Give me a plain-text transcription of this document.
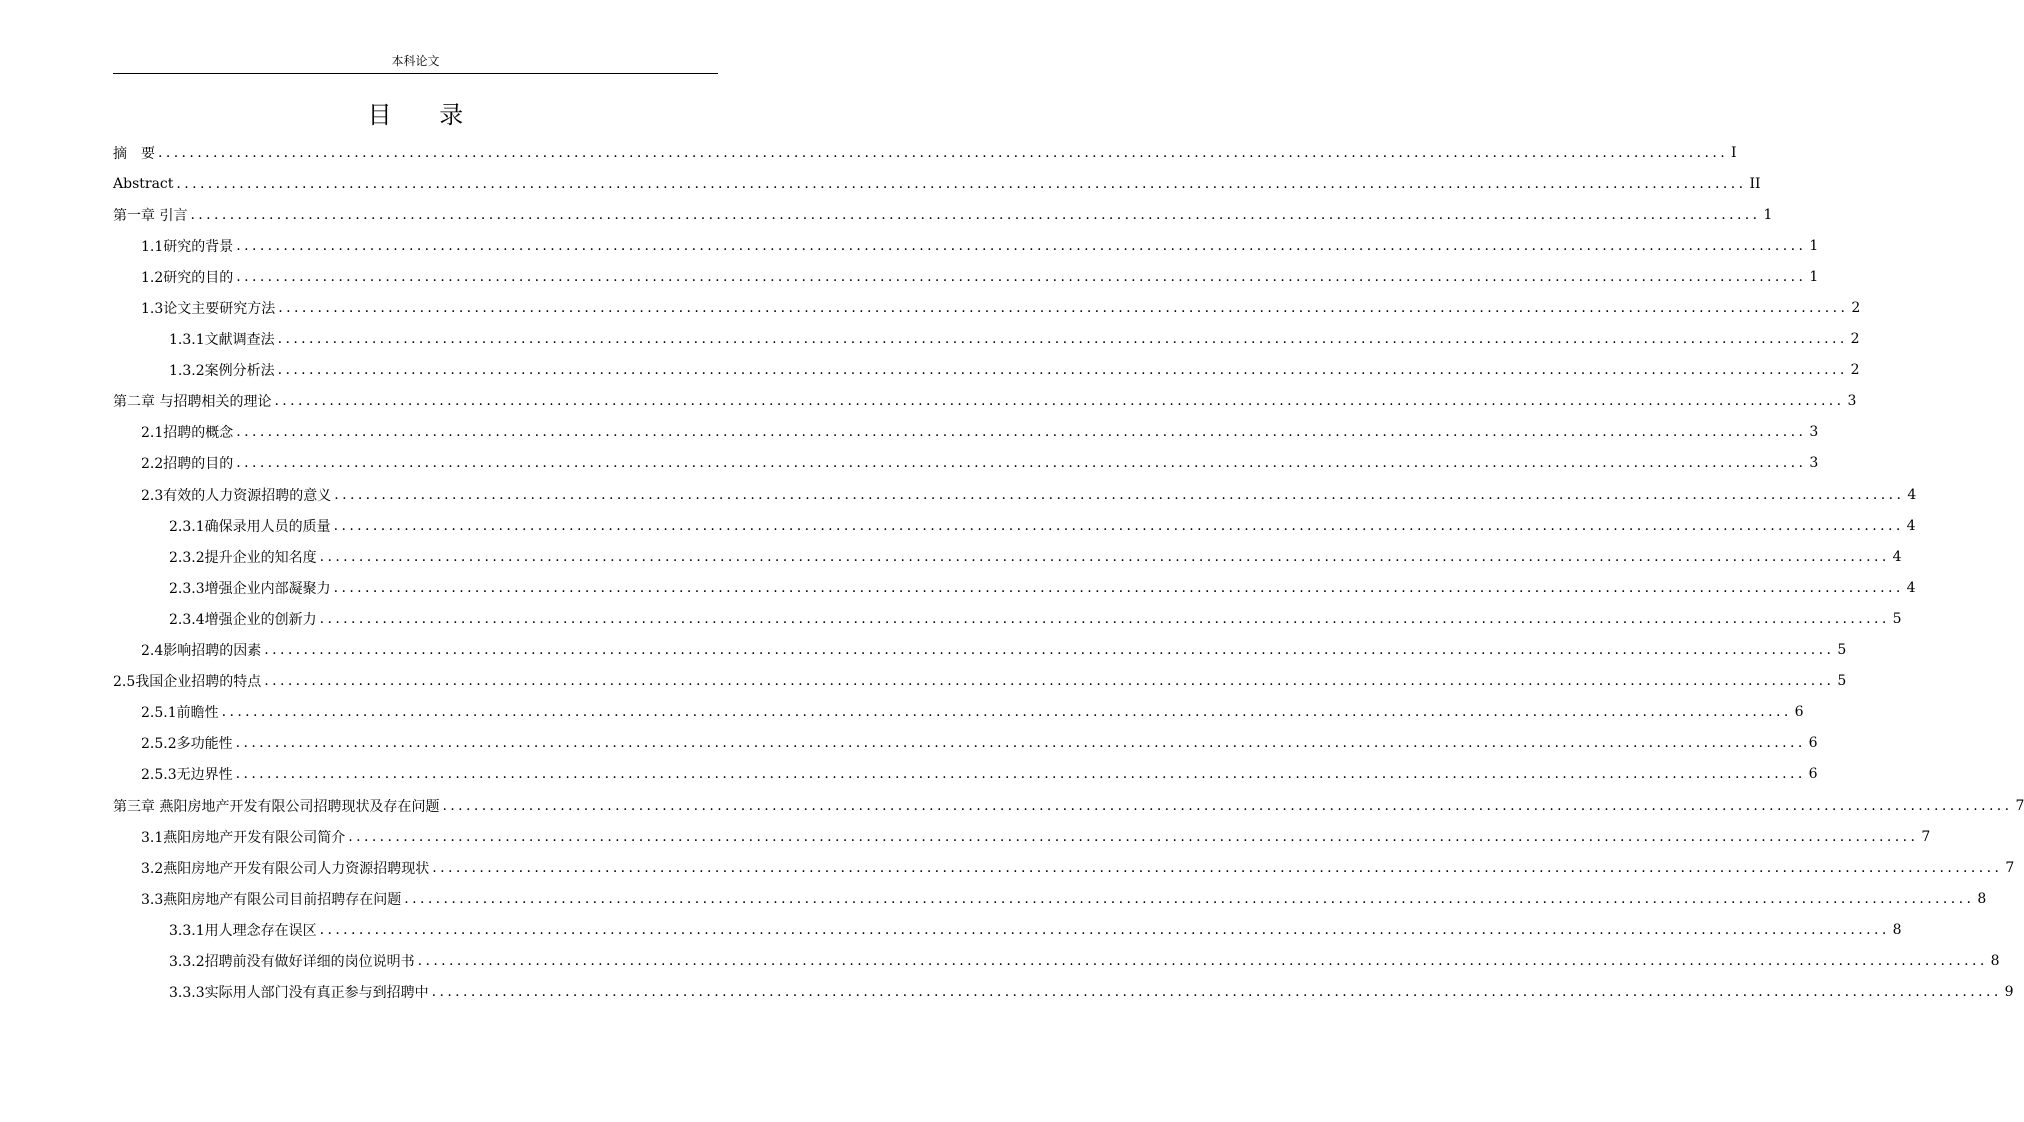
本科论文
目 录
摘　要 ........................................................................................................................................................................................................ I
Abstract ........................................................................................................................................................................................................ II
第一章 引言 ........................................................................................................................................................................................................ 1
1.1研究的背景 ........................................................................................................................................................................................................ 1
1.2研究的目的 ........................................................................................................................................................................................................ 1
1.3论文主要研究方法 ........................................................................................................................................................................................................ 2
1.3.1文献调查法 ........................................................................................................................................................................................................ 2
1.3.2案例分析法 ........................................................................................................................................................................................................ 2
第二章 与招聘相关的理论 ........................................................................................................................................................................................................ 3
2.1招聘的概念 ........................................................................................................................................................................................................ 3
2.2招聘的目的 ........................................................................................................................................................................................................ 3
2.3有效的人力资源招聘的意义 ........................................................................................................................................................................................................ 4
2.3.1确保录用人员的质量 ........................................................................................................................................................................................................ 4
2.3.2提升企业的知名度 ........................................................................................................................................................................................................ 4
2.3.3增强企业内部凝聚力 ........................................................................................................................................................................................................ 4
2.3.4增强企业的创新力 ........................................................................................................................................................................................................ 5
2.4影响招聘的因素 ........................................................................................................................................................................................................ 5
2.5我国企业招聘的特点 ........................................................................................................................................................................................................ 5
2.5.1前瞻性 ........................................................................................................................................................................................................ 6
2.5.2多功能性 ........................................................................................................................................................................................................ 6
2.5.3无边界性 ........................................................................................................................................................................................................ 6
第三章 燕阳房地产开发有限公司招聘现状及存在问题 ........................................................................................................................................................................................................ 7
3.1燕阳房地产开发有限公司简介 ........................................................................................................................................................................................................ 7
3.2燕阳房地产开发有限公司人力资源招聘现状 ........................................................................................................................................................................................................ 7
3.3燕阳房地产有限公司目前招聘存在问题 ........................................................................................................................................................................................................ 8
3.3.1用人理念存在误区 ........................................................................................................................................................................................................ 8
3.3.2招聘前没有做好详细的岗位说明书 ........................................................................................................................................................................................................ 8
3.3.3实际用人部门没有真正参与到招聘中 ........................................................................................................................................................................................................ 9
